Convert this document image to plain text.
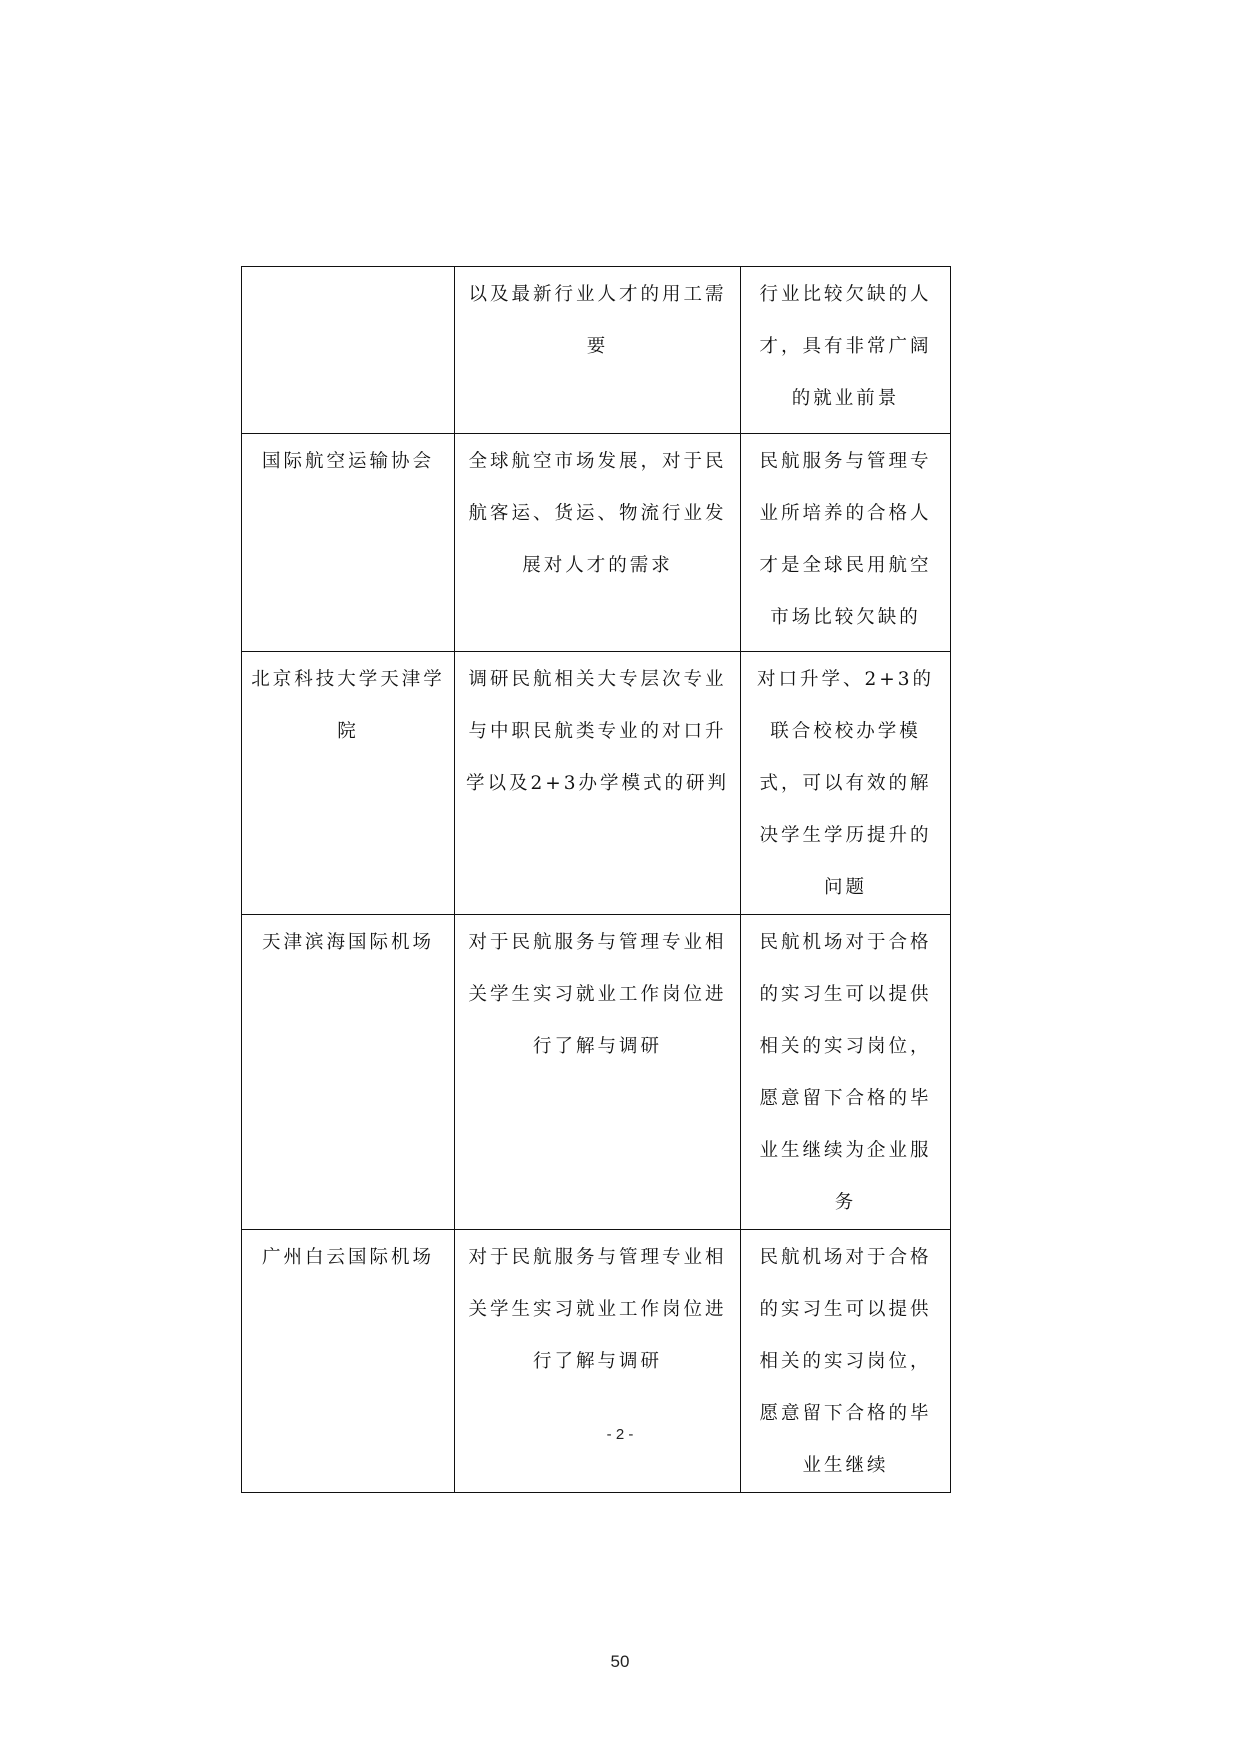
	以及最新行业人才的用工需要	行业比较欠缺的人才，具有非常广阔的就业前景
国际航空运输协会	全球航空市场发展，对于民航客运、货运、物流行业发展对人才的需求	民航服务与管理专业所培养的合格人才是全球民用航空市场比较欠缺的
北京科技大学天津学院	调研民航相关大专层次专业与中职民航类专业的对口升学以及2+3办学模式的研判	对口升学、2+3的联合校校办学模式，可以有效的解决学生学历提升的问题
天津滨海国际机场	对于民航服务与管理专业相关学生实习就业工作岗位进行了解与调研	民航机场对于合格的实习生可以提供相关的实习岗位，愿意留下合格的毕业生继续为企业服务
广州白云国际机场	对于民航服务与管理专业相关学生实习就业工作岗位进行了解与调研	民航机场对于合格的实习生可以提供相关的实习岗位，愿意留下合格的毕业生继续
- 2 -
50
